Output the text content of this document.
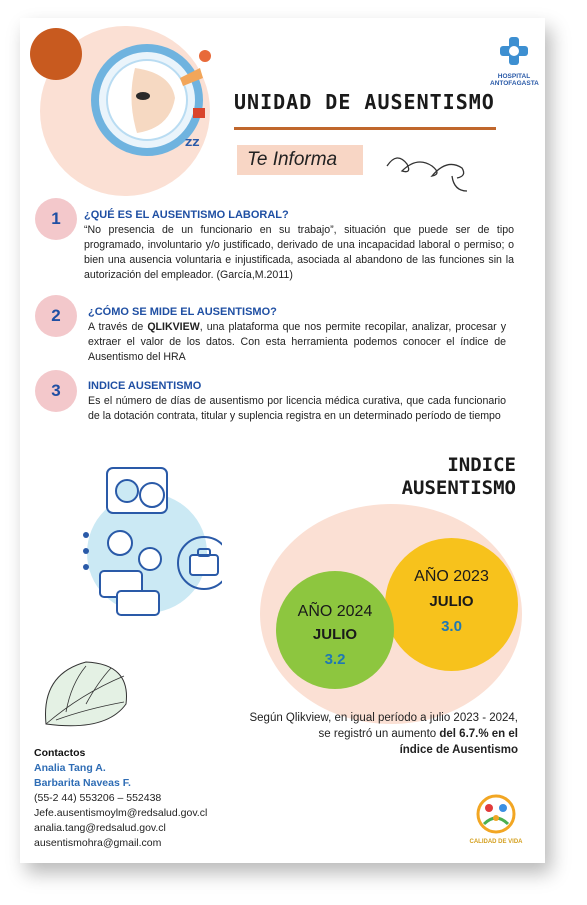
ZZ
UNIDAD DE AUSENTISMO
Te Informa
HOSPITAL
ANTOFAGASTA
1	¿QUÉ ES EL AUSENTISMO LABORAL?
“No presencia de un funcionario en su trabajo”, situación que puede ser de tipo programado, involuntario y/o justificado, derivado de una incapacidad laboral o permiso; o bien una ausencia voluntaria e injustificada, asociada al abandono de las funciones sin la autorización del empleador. (García,M.2011)
2	¿CÓMO SE MIDE EL AUSENTISMO?
A través de QLIKVIEW, una plataforma que nos permite recopilar, analizar, procesar y extraer el valor de los datos. Con esta herramienta podemos conocer el índice de Ausentismo del HRA
3	INDICE AUSENTISMO
Es el número de días de ausentismo por licencia médica curativa, que cada funcionario de la dotación contrata, titular y suplencia registra en un determinado período de tiempo
INDICE
AUSENTISMO
AÑO 2023
JULIO
3.0
AÑO 2024
JULIO
3.2
Según Qlikview, en igual período a julio 2023 - 2024,
se registró un aumento del 6.7.% en el
índice de Ausentismo
Contactos
Analia Tang A.
Barbarita Naveas F.
(55-2 44) 553206 – 552438
Jefe.ausentismoylm@redsalud.gov.cl
analia.tang@redsalud.gov.cl
ausentismohra@gmail.com	CALIDAD DE VIDA
